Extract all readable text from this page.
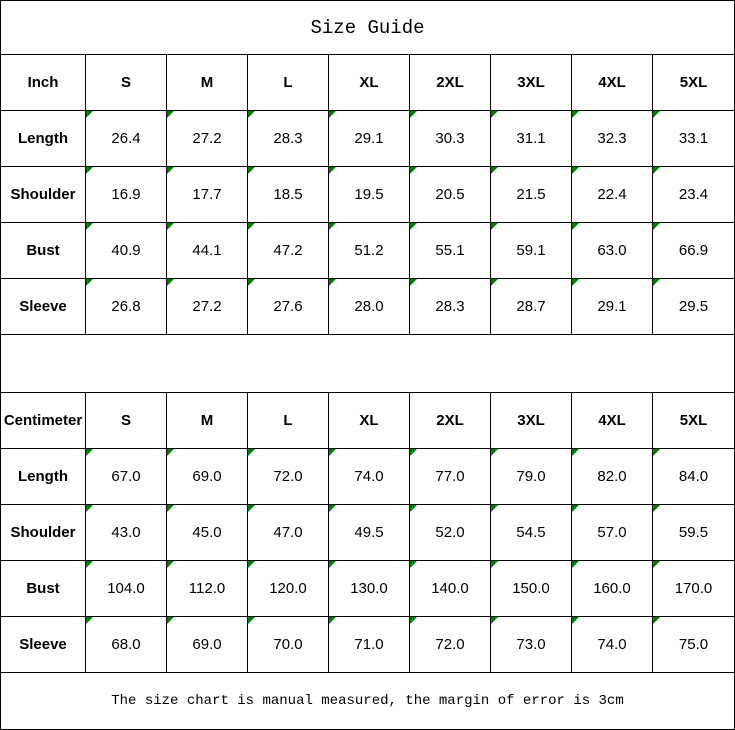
Size Guide
Inch	S	M	L	XL	2XL	3XL	4XL	5XL
Length	26.4	27.2	28.3	29.1	30.3	31.1	32.3	33.1
Shoulder	16.9	17.7	18.5	19.5	20.5	21.5	22.4	23.4
Bust	40.9	44.1	47.2	51.2	55.1	59.1	63.0	66.9
Sleeve	26.8	27.2	27.6	28.0	28.3	28.7	29.1	29.5
Centimeter	S	M	L	XL	2XL	3XL	4XL	5XL
Length	67.0	69.0	72.0	74.0	77.0	79.0	82.0	84.0
Shoulder	43.0	45.0	47.0	49.5	52.0	54.5	57.0	59.5
Bust	104.0	112.0	120.0	130.0	140.0	150.0	160.0	170.0
Sleeve	68.0	69.0	70.0	71.0	72.0	73.0	74.0	75.0
The size chart is manual measured, the margin of error is 3cm
